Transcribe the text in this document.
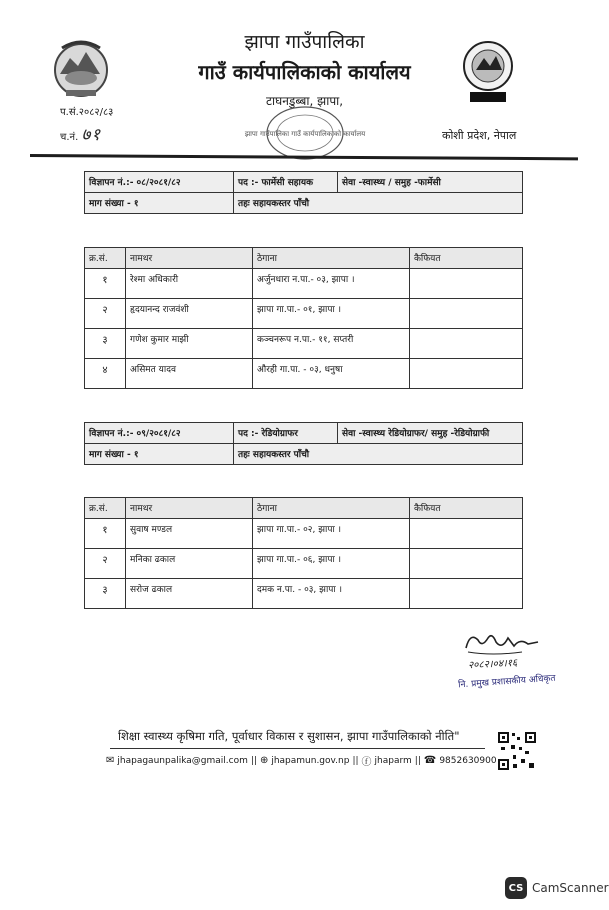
झापा गाउँपालिका
गाउँ कार्यपालिकाको कार्यालय
टाघनडुब्बा, झापा,
प.सं.२०८२/८३
च.नं. ७१	कोशी प्रदेश, नेपाल
झापा गाउँपालिका गाउँ कार्यपालिकाको कार्यालय
विज्ञापन नं.:- ०८/२०८१/८२	पद :- फार्मेसी सहायक	सेवा -स्वास्थ्य / समुह -फार्मेसी
माग संख्या - १	तहः सहायकस्तर पाँचौ	
क्र.सं.	नामथर	ठेगाना	कैफियत
१	रेश्मा अधिकारी	अर्जुनधारा न.पा.- ०३, झापा ।	
२	हृदयानन्द राजवंशी	झापा गा.पा.- ०१, झापा ।	
३	गणेश कुमार माझी	कञ्चनरूप न.पा.- ११, सप्तरी	
४	असिमत यादव	औरही गा.पा. - ०३, धनुषा	
विज्ञापन नं.:- ०९/२०८१/८२	पद :- रेडियोग्राफर	सेवा -स्वास्थ्य रेडियोग्राफर/ समुह -रेडियोग्राफी
माग संख्या - १	तहः सहायकस्तर पाँचौ	
क्र.सं.	नामथर	ठेगाना	कैफियत
१	सुवाष मण्डल	झापा गा.पा.- ०२, झापा ।	
२	मनिका ढकाल	झापा गा.पा.- ०६, झापा ।	
३	सरोज ढकाल	दमक न.पा. - ०३, झापा ।	
२०८२।०४।१६
नि. प्रमुख प्रशासकीय अधिकृत
शिक्षा स्वास्थ्य कृषिमा गति, पूर्वाधार विकास र सुशासन, झापा गाउँपालिकाको नीति"
✉ jhapagaunpalika@gmail.com || ⊕ jhapamun.gov.np || ⓕ jhaparm || ☎ 9852630900
CS CamScanner
